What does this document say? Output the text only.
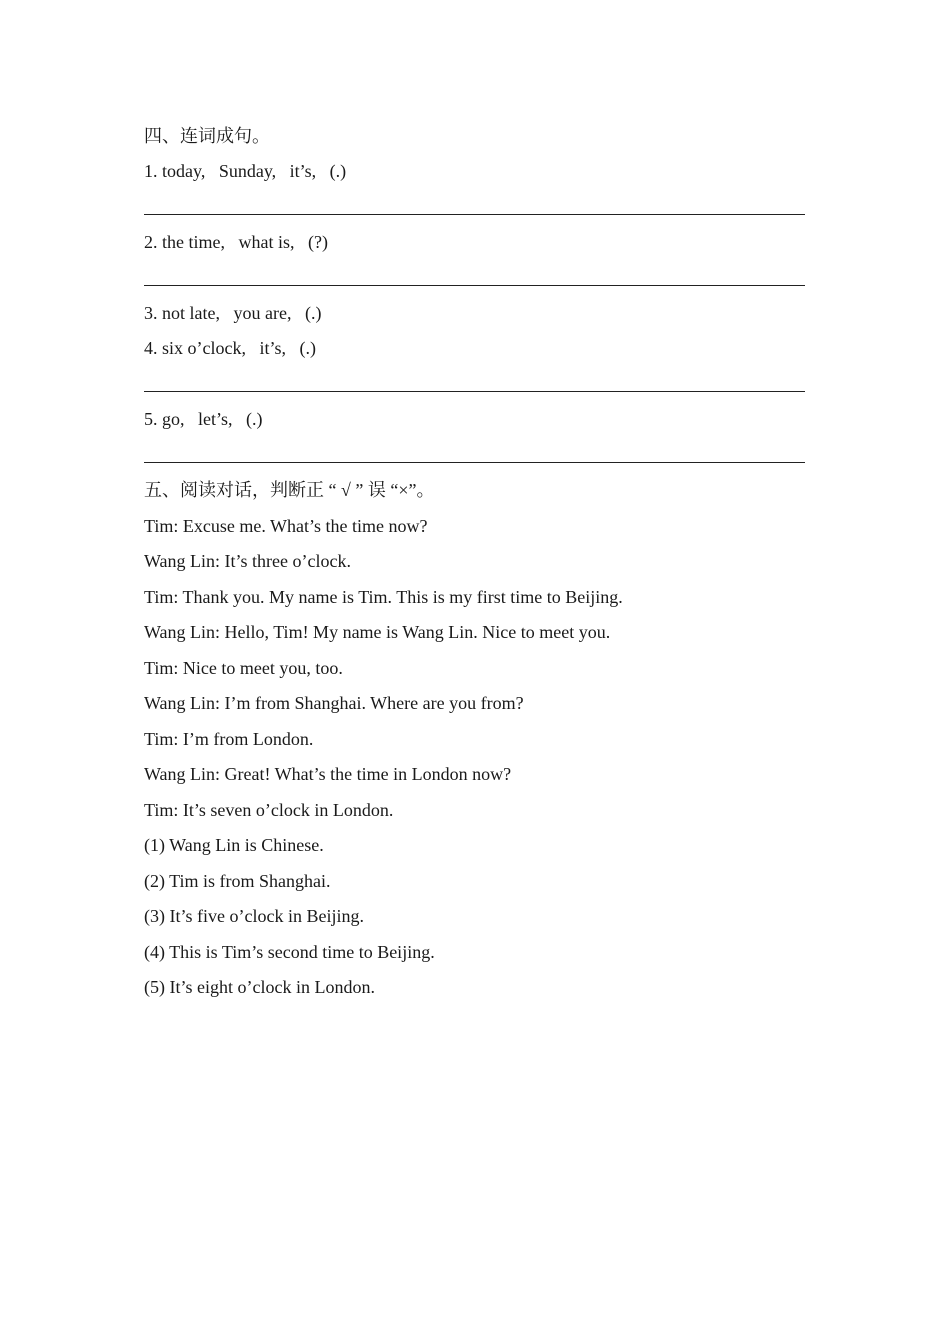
四、连词成句。
1. today,   Sunday,   it’s,   (.)
2. the time,   what is,   (?)
3. not late,   you are,   (.)
4. six o’clock,   it’s,   (.)
5. go,   let’s,   (.)
五、阅读对话，判断正 “ √ ” 误 “×”。
Tim: Excuse me. What’s the time now?
Wang Lin: It’s three o’clock.
Tim: Thank you. My name is Tim. This is my first time to Beijing.
Wang Lin: Hello, Tim! My name is Wang Lin. Nice to meet you.
Tim: Nice to meet you, too.
Wang Lin: I’m from Shanghai. Where are you from?
Tim: I’m from London.
Wang Lin: Great! What’s the time in London now?
Tim: It’s seven o’clock in London.
(1) Wang Lin is Chinese.
(2) Tim is from Shanghai.
(3) It’s five o’clock in Beijing.
(4) This is Tim’s second time to Beijing.
(5) It’s eight o’clock in London.
